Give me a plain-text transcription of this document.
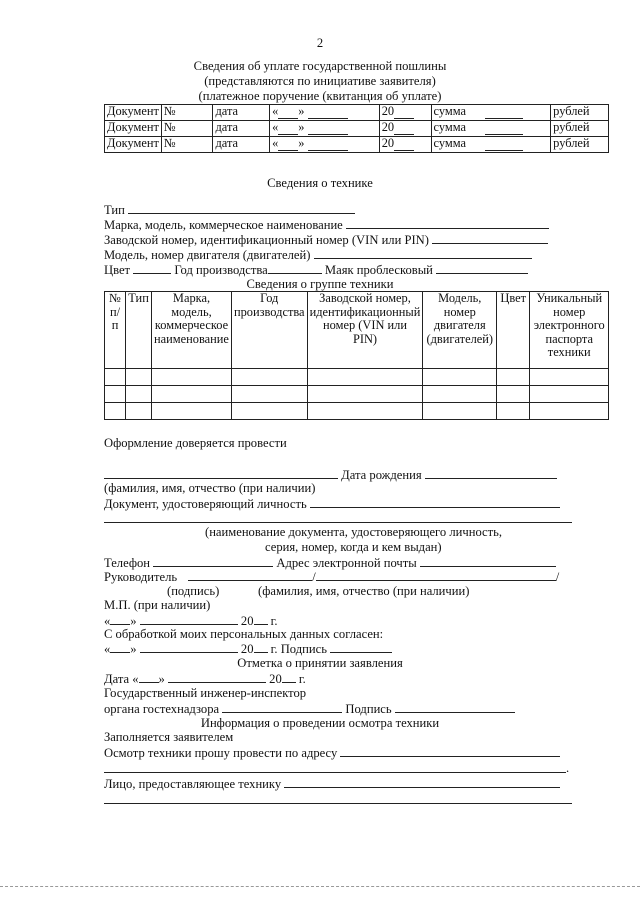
2
Сведения об уплате государственной пошлины
(представляются по инициативе заявителя)
(платежное поручение (квитанция об уплате)
Документ	№	дата	« »	20	сумма	рублей
Документ	№	дата	« »	20	сумма	рублей
Документ	№	дата	« »	20	сумма	рублей
Сведения о технике
Тип
Марка, модель, коммерческое наименование
Заводской номер, идентификационный номер (VIN или PIN)
Модель, номер двигателя (двигателей)
Цвет	Год производства	Маяк проблесковый
Сведения о группе техники
№ п/п	Тип	Марка, модель, коммерческое наименование	Год производства	Заводской номер, идентификационный номер (VIN или PIN)	Модель, номер двигателя (двигателей)	Цвет	Уникальный номер электронного паспорта техники

Оформление доверяется провести
Дата рождения
(фамилия, имя, отчество (при наличии)
Документ, удостоверяющий личность
(наименование документа, удостоверяющего личность,
серия, номер, когда и кем выдан)
Телефон	Адрес электронной почты
Руководитель	/	/
(подпись)	(фамилия, имя, отчество (при наличии)
М.П. (при наличии)
« »	20 г.
С обработкой моих персональных данных согласен:
« »	20 г. Подпись
Отметка о принятии заявления
Дата « »	20 г.
Государственный инженер-инспектор
органа гостехнадзора	Подпись
Информация о проведении осмотра техники
Заполняется заявителем
Осмотр техники прошу провести по адресу
.
Лицо, предоставляющее технику
